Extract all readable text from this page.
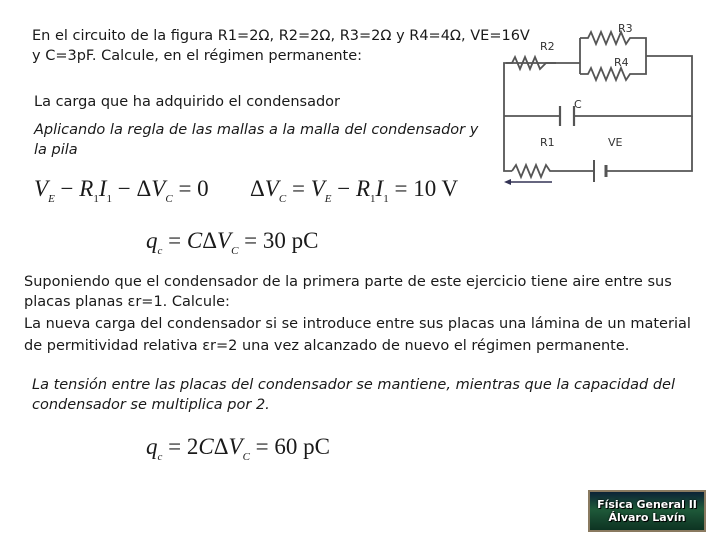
En el circuito de la figura R1=2Ω, R2=2Ω, R3=2Ω y R4=4Ω, VE=16V
y C=3pF. Calcule, en el régimen permanente:
La carga que ha adquirido el condensador
Aplicando la regla de las mallas a la malla del condensador y
la pila
$V_E - R_1I_1 - \Delta V_C = 0$ $\Delta V_C = V_E - R_1I_1 = 10$ V
$q_c = C\Delta V_C = 30$ pC
Suponiendo que el condensador de la primera parte de este ejercicio tiene aire entre sus
placas planas εr=1. Calcule:
La nueva carga del condensador si se introduce entre sus placas una lámina de un material
de permitividad relativa εr=2 una vez alcanzado de nuevo el régimen permanente.
La tensión entre las placas del condensador se mantiene, mientras que la capacidad del
condensador se multiplica por 2.
$q_c = 2C\Delta V_C = 60$ pC
R3
R2
R4
C
R1	VE
Física General II
Álvaro Lavín
